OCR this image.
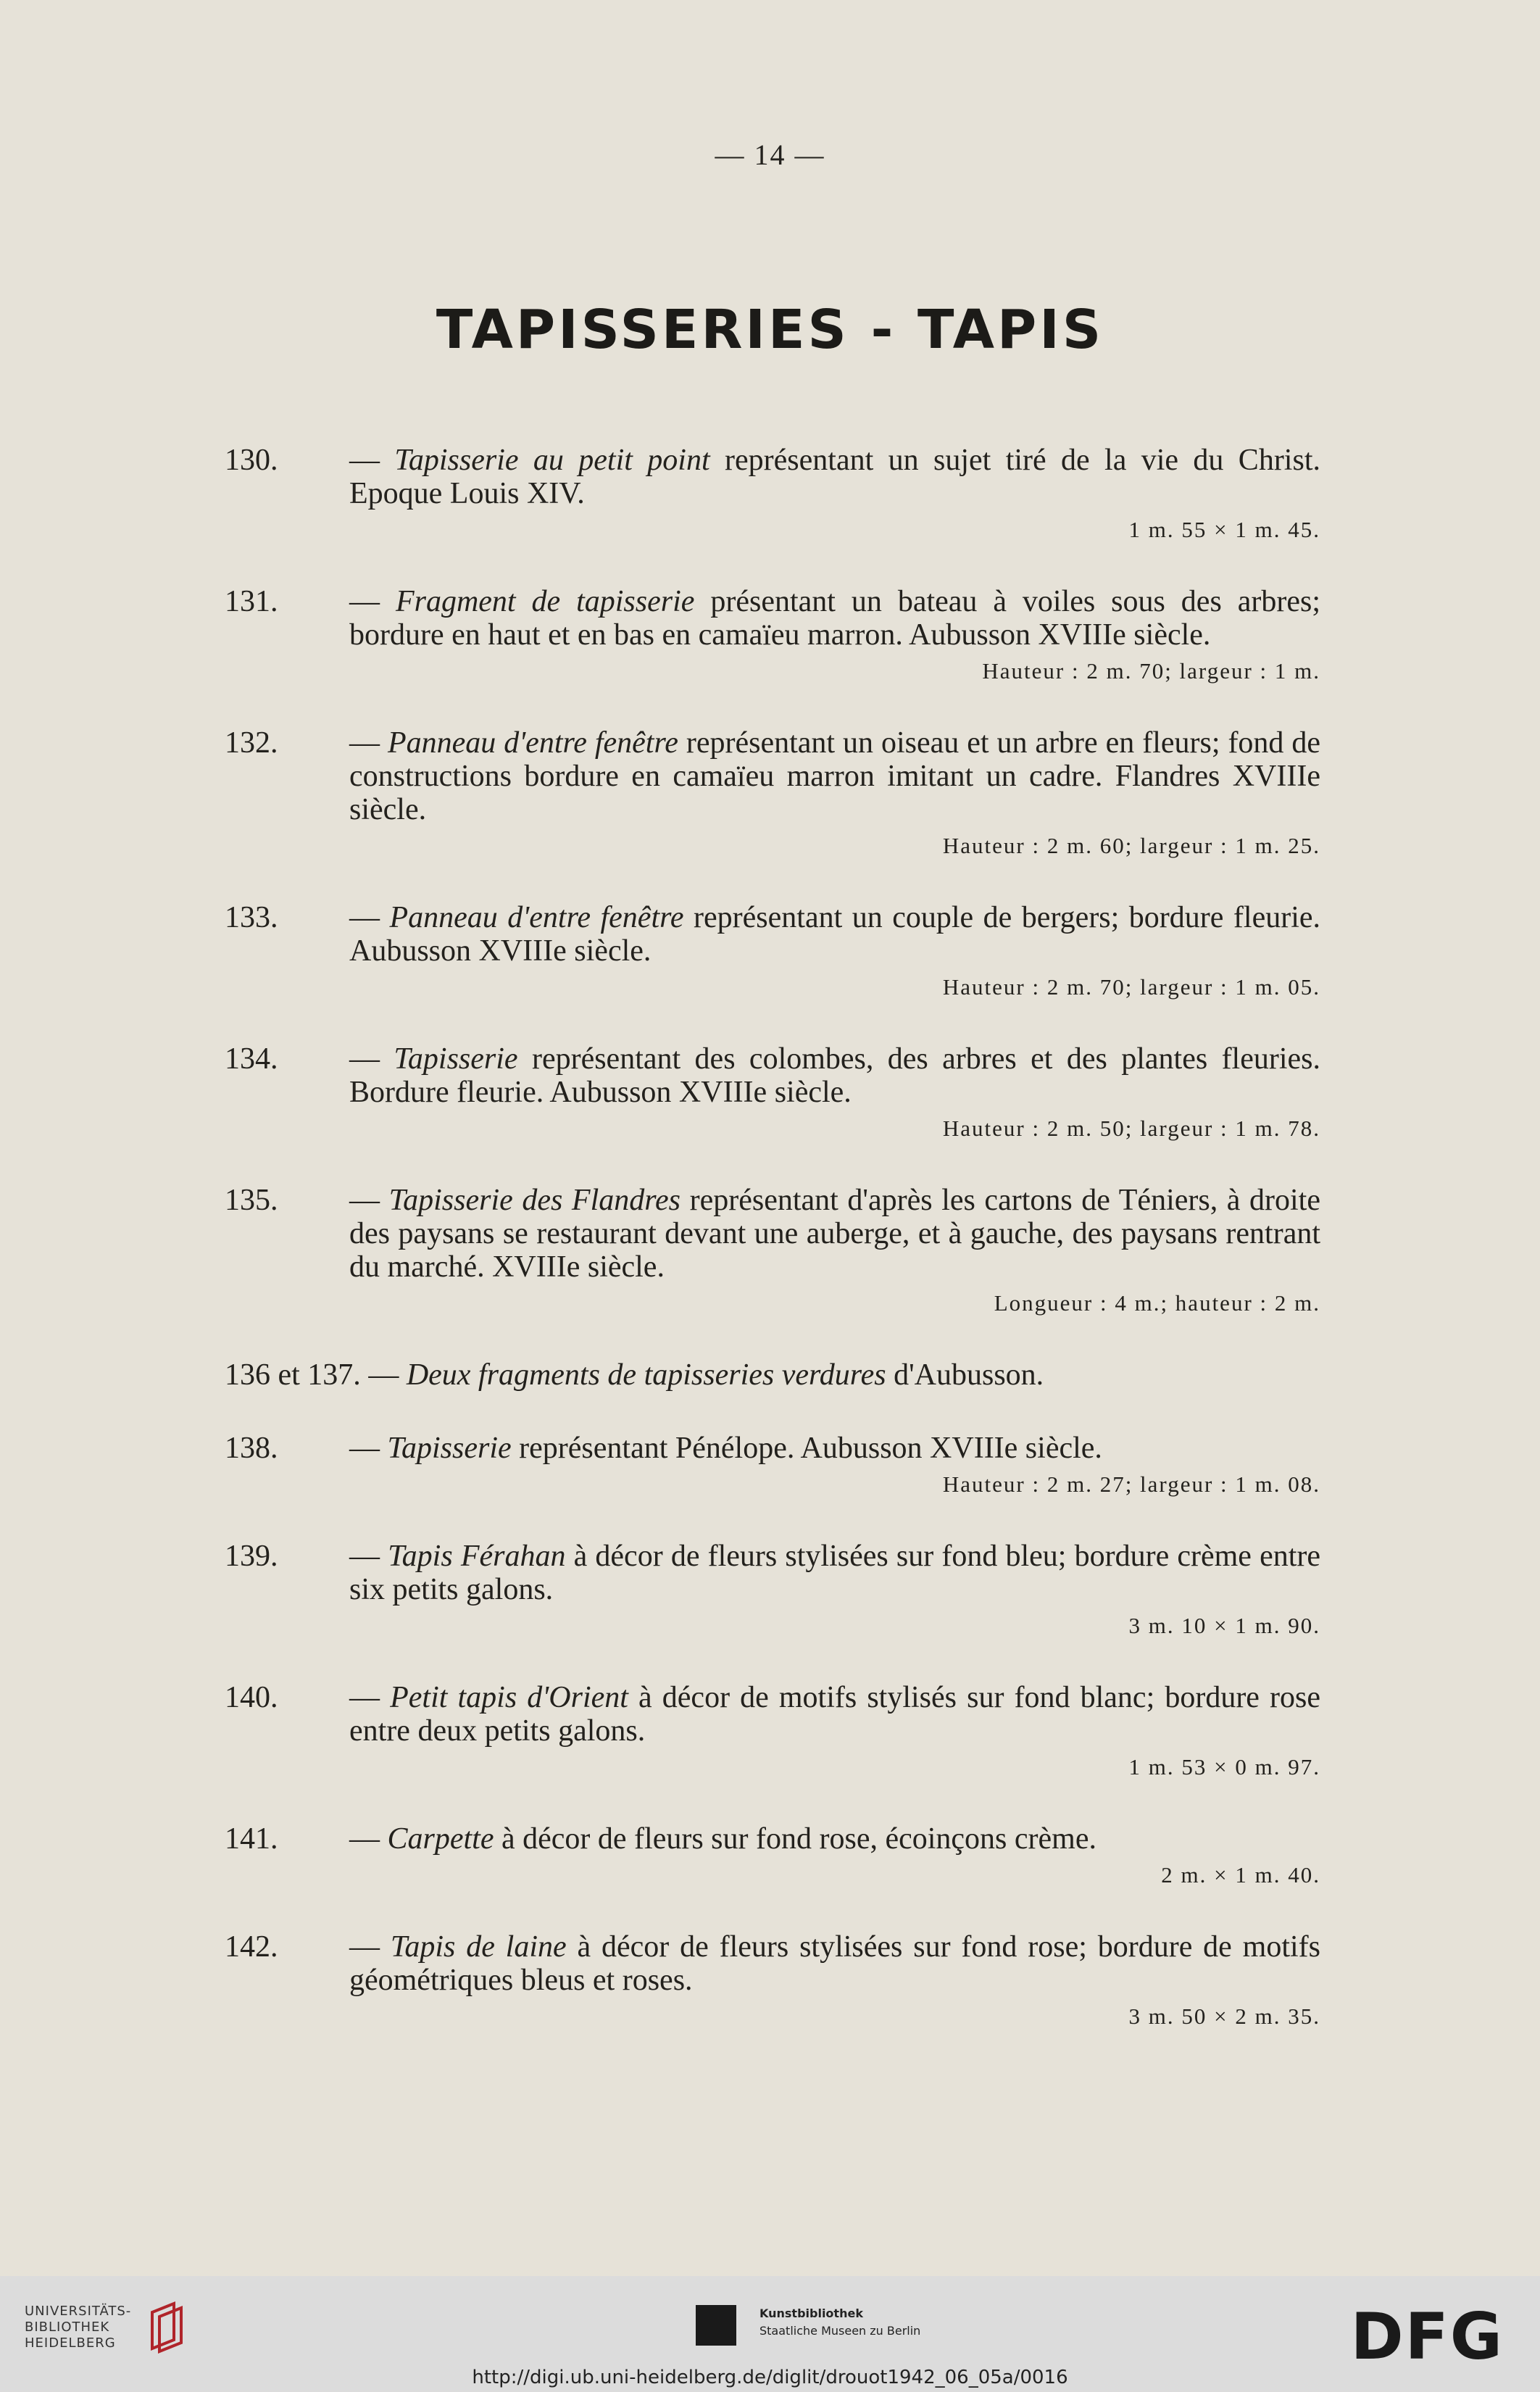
— 14 —
TAPISSERIES - TAPIS
130. — Tapisserie au petit point représentant un sujet tiré de la vie du Christ. Epoque Louis XIV.
1 m. 55 × 1 m. 45.
131. — Fragment de tapisserie présentant un bateau à voiles sous des arbres; bordure en haut et en bas en camaïeu marron. Aubusson XVIIIe siècle.
Hauteur : 2 m. 70; largeur : 1 m.
132. — Panneau d'entre fenêtre représentant un oiseau et un arbre en fleurs; fond de constructions bordure en camaïeu marron imitant un cadre. Flandres XVIIIe siècle.
Hauteur : 2 m. 60; largeur : 1 m. 25.
133. — Panneau d'entre fenêtre représentant un couple de bergers; bordure fleurie. Aubusson XVIIIe siècle.
Hauteur : 2 m. 70; largeur : 1 m. 05.
134. — Tapisserie représentant des colombes, des arbres et des plantes fleuries. Bordure fleurie. Aubusson XVIIIe siècle.
Hauteur : 2 m. 50; largeur : 1 m. 78.
135. — Tapisserie des Flandres représentant d'après les cartons de Téniers, à droite des paysans se restaurant devant une auberge, et à gauche, des paysans rentrant du marché. XVIIIe siècle.
Longueur : 4 m.; hauteur : 2 m.
136 et 137. — Deux fragments de tapisseries verdures d'Aubusson.
138. — Tapisserie représentant Pénélope. Aubusson XVIIIe siècle.
Hauteur : 2 m. 27; largeur : 1 m. 08.
139. — Tapis Férahan à décor de fleurs stylisées sur fond bleu; bordure crème entre six petits galons.
3 m. 10 × 1 m. 90.
140. — Petit tapis d'Orient à décor de motifs stylisés sur fond blanc; bordure rose entre deux petits galons.
1 m. 53 × 0 m. 97.
141. — Carpette à décor de fleurs sur fond rose, écoinçons crème.
2 m. × 1 m. 40.
142. — Tapis de laine à décor de fleurs stylisées sur fond rose; bordure de motifs géométriques bleus et roses.
3 m. 50 × 2 m. 35.
UNIVERSITÄTS-
BIBLIOTHEK
HEIDELBERG
Kunstbibliothek
Staatliche Museen zu Berlin	DFG
http://digi.ub.uni-heidelberg.de/diglit/drouot1942_06_05a/0016
